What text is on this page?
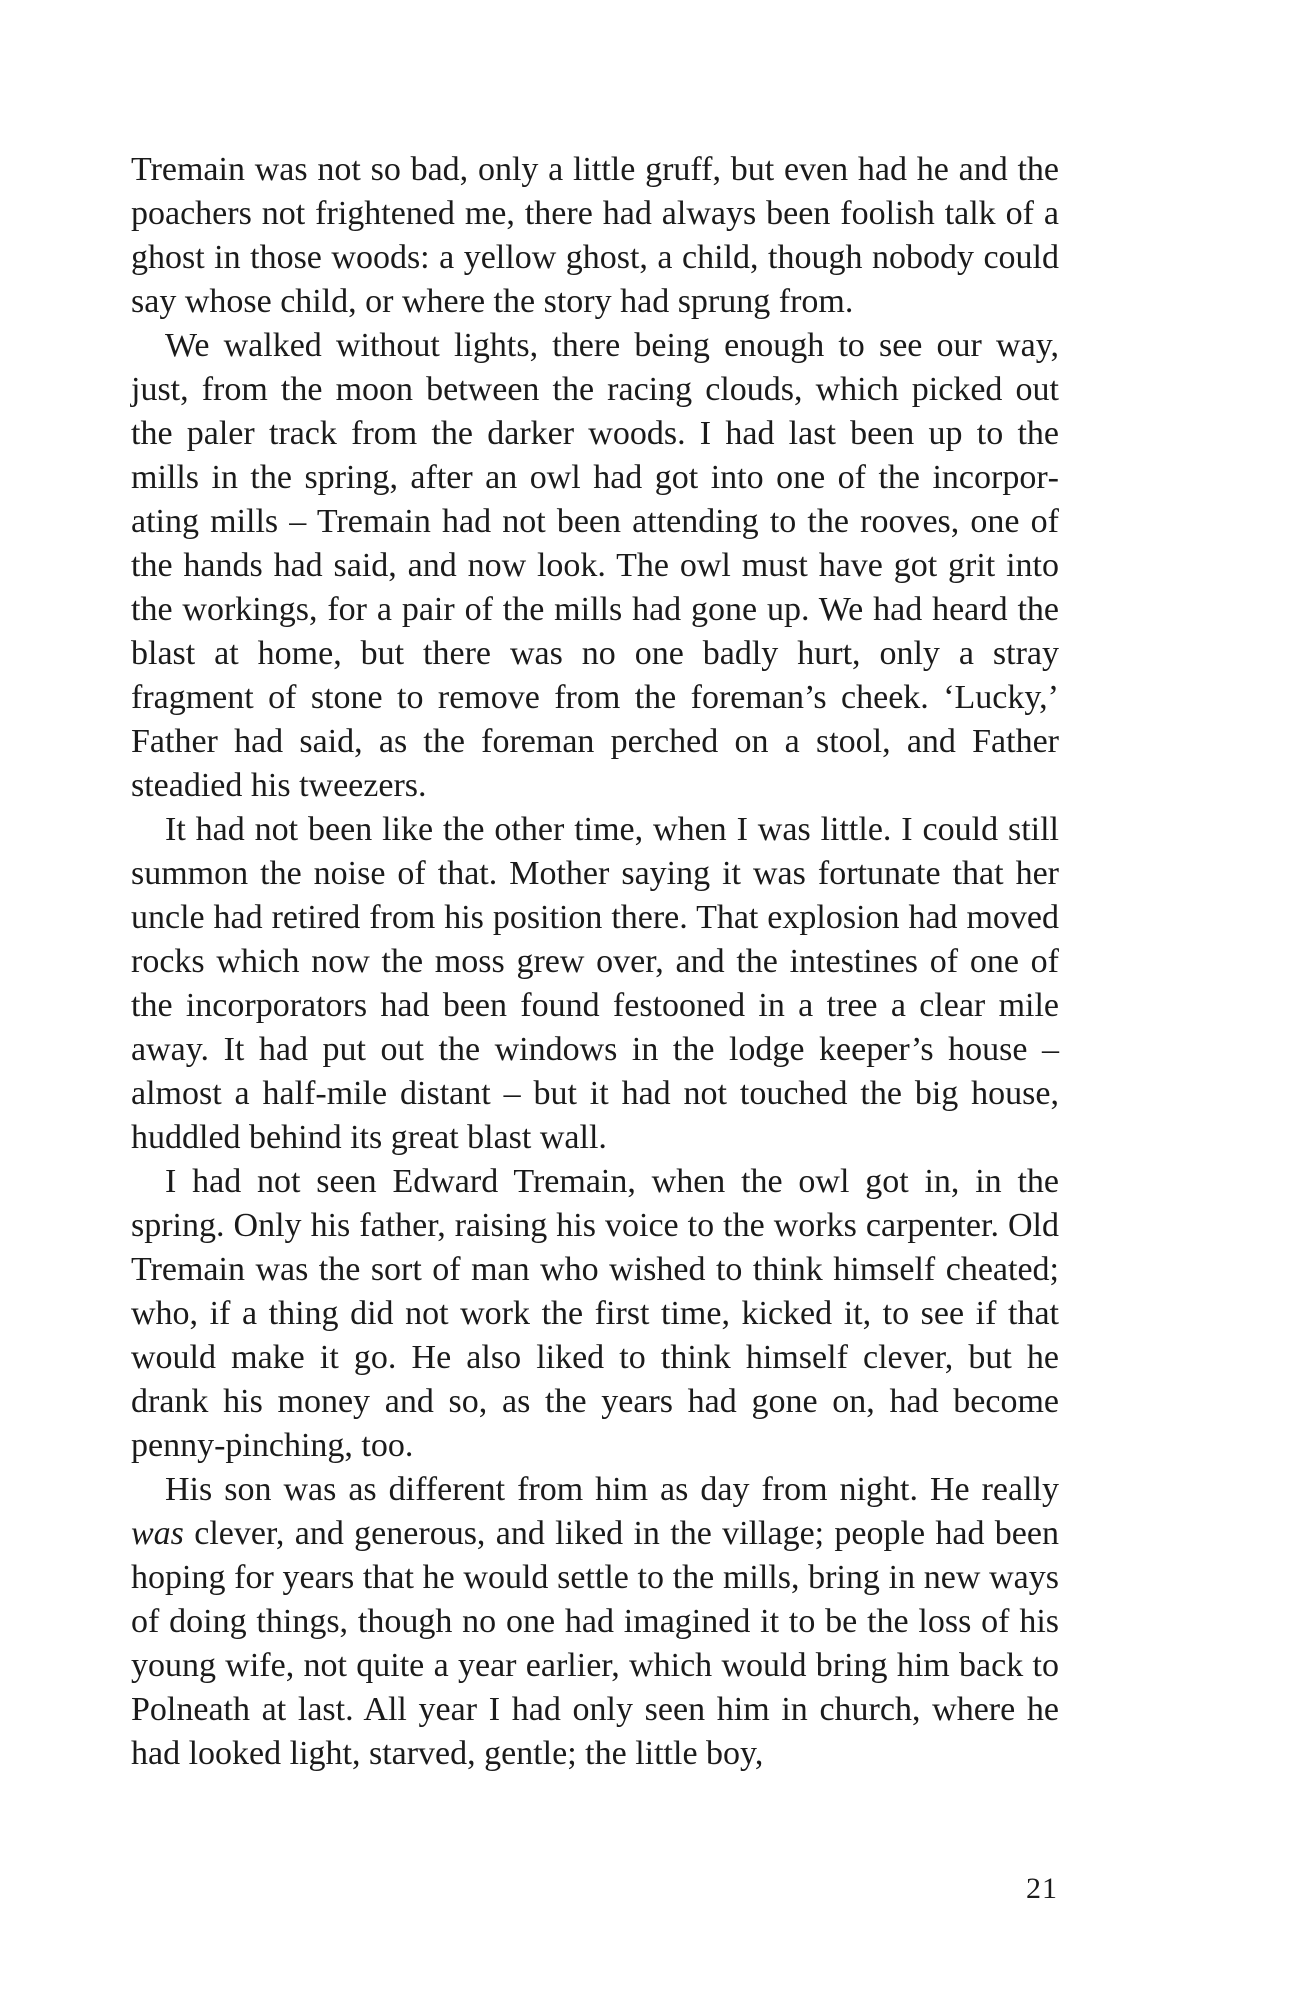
Tremain was not so bad, only a little gruff, but even had he and the poachers not frightened me, there had always been foolish talk of a ghost in those woods: a yellow ghost, a child, though nobody could say whose child, or where the story had sprung from.

We walked without lights, there being enough to see our way, just, from the moon between the racing clouds, which picked out the paler track from the darker woods. I had last been up to the mills in the spring, after an owl had got into one of the incorporating mills – Tremain had not been attending to the rooves, one of the hands had said, and now look. The owl must have got grit into the workings, for a pair of the mills had gone up. We had heard the blast at home, but there was no one badly hurt, only a stray fragment of stone to remove from the foreman’s cheek. ‘Lucky,’ Father had said, as the foreman perched on a stool, and Father steadied his tweezers.

It had not been like the other time, when I was little. I could still summon the noise of that. Mother saying it was fortunate that her uncle had retired from his position there. That explosion had moved rocks which now the moss grew over, and the intestines of one of the incorporators had been found festooned in a tree a clear mile away. It had put out the windows in the lodge keeper’s house – almost a half-mile distant – but it had not touched the big house, huddled behind its great blast wall.

I had not seen Edward Tremain, when the owl got in, in the spring. Only his father, raising his voice to the works carpenter. Old Tremain was the sort of man who wished to think himself cheated; who, if a thing did not work the first time, kicked it, to see if that would make it go. He also liked to think himself clever, but he drank his money and so, as the years had gone on, had become penny-pinching, too.

His son was as different from him as day from night. He really was clever, and generous, and liked in the village; people had been hoping for years that he would settle to the mills, bring in new ways of doing things, though no one had imagined it to be the loss of his young wife, not quite a year earlier, which would bring him back to Polneath at last. All year I had only seen him in church, where he had looked light, starved, gentle; the little boy,

21
